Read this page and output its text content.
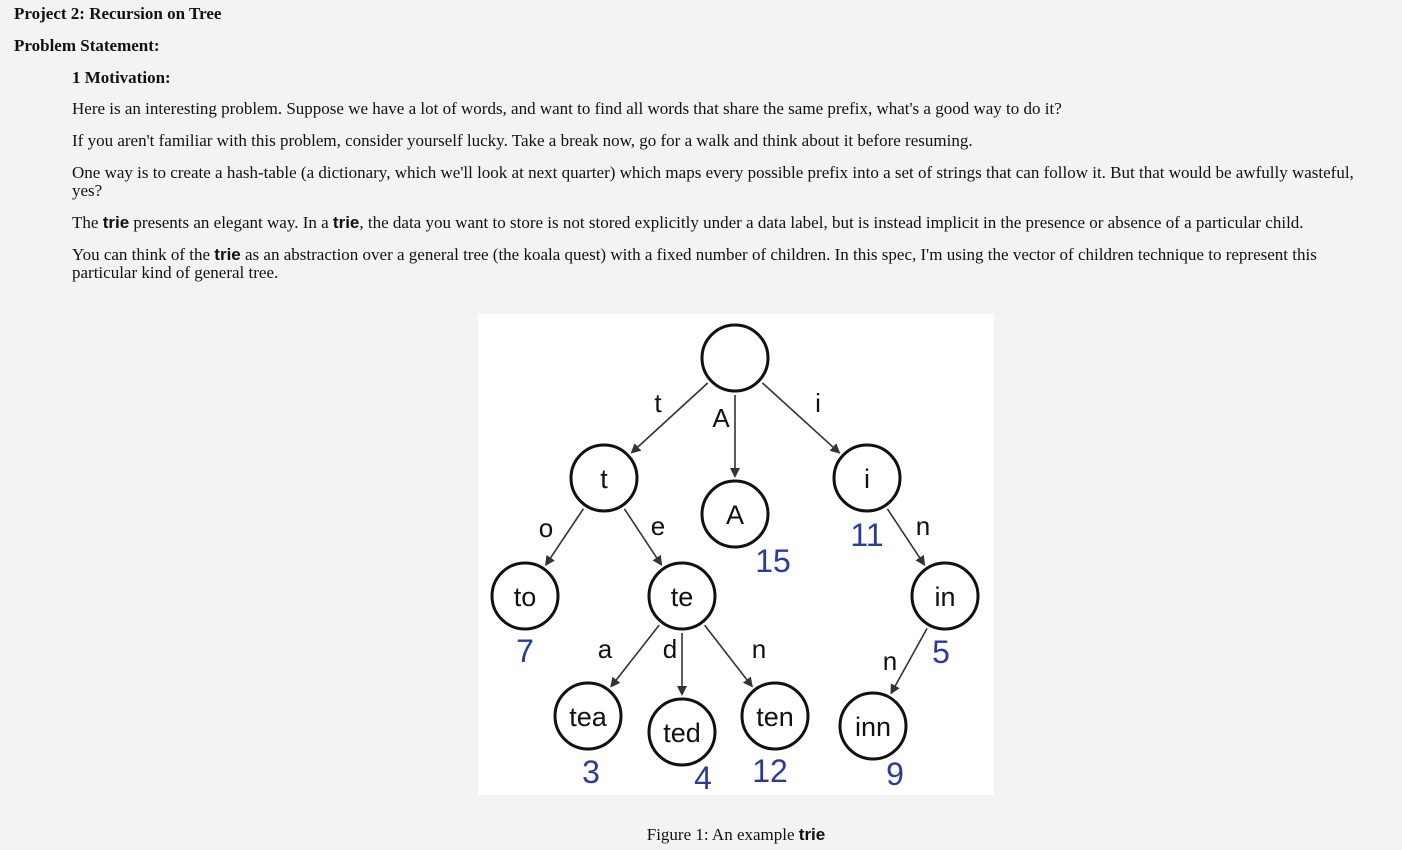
Project 2: Recursion on Tree
Problem Statement:
1 Motivation:

Here is an interesting problem. Suppose we have a lot of words, and want to find all words that share the same prefix, what's a good way to do it?

If you aren't familiar with this problem, consider yourself lucky. Take a break now, go for a walk and think about it before resuming.

One way is to create a hash-table (a dictionary, which we'll look at next quarter) which maps every possible prefix into a set of strings that can follow it. But that would be awfully wasteful, yes?

The trie presents an elegant way. In a trie, the data you want to store is not stored explicitly under a data label, but is instead implicit in the presence or absence of a particular child.

You can think of the trie as an abstraction over a general tree (the koala quest) with a fixed number of children. In this spec, I'm using the vector of children technique to represent this particular kind of general tree.

t A	i
o	e	n
a d	n	n
t
A
15
i
11
to
7
te	in
5
tea
3
ted
4
ten
12
inn
9

Figure 1: An example trie
